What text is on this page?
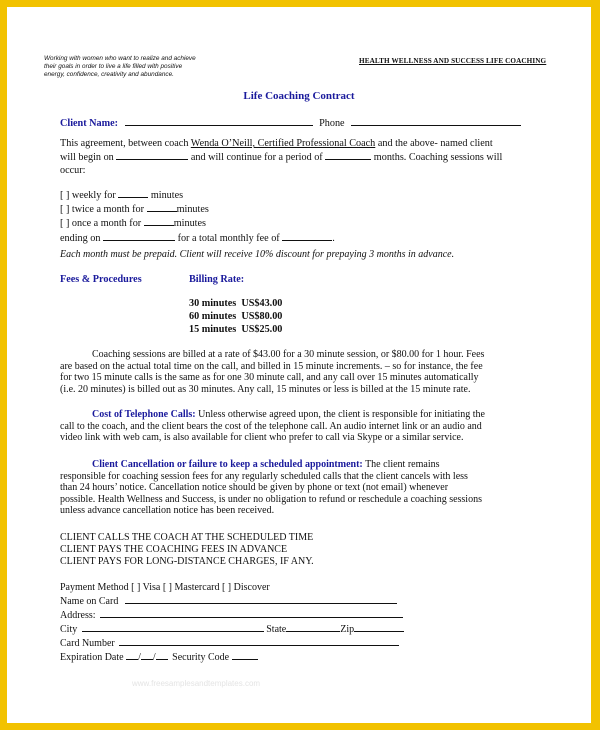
Working with women who want to realize and achieve
their goals in order to live a life filled with positive
energy, confidence, creativity and abundance.
HEALTH WELLNESS AND SUCCESS LIFE COACHING
Life Coaching Contract
Client Name:	Phone
This agreement, between coach Wenda O’Neill, Certified Professional Coach and the above- named client
will begin on	and will continue for a period of	months. Coaching sessions will
occur:
[ ] weekly for	minutes
[ ] twice a month for	minutes
[ ] once a month for	minutes
ending on	for a total monthly fee of	.
Each month must be prepaid. Client will receive 10% discount for prepaying 3 months in advance.
Fees & Procedures	Billing Rate:
30 minutes US$43.00
60 minutes US$80.00
15 minutes US$25.00
Coaching sessions are billed at a rate of $43.00 for a 30 minute session, or $80.00 for 1 hour. Fees
are based on the actual total time on the call, and billed in 15 minute increments. – so for instance, the fee
for two 15 minute calls is the same as for one 30 minute call, and any call over 15 minutes automatically
(i.e. 20 minutes) is billed out as 30 minutes. Any call, 15 minutes or less is billed at the 15 minute rate.
Cost of Telephone Calls: Unless otherwise agreed upon, the client is responsible for initiating the
call to the coach, and the client bears the cost of the telephone call. An audio internet link or an audio and
video link with web cam, is also available for client who prefer to call via Skype or a similar service.
Client Cancellation or failure to keep a scheduled appointment: The client remains
responsible for coaching session fees for any regularly scheduled calls that the client cancels with less
than 24 hours’ notice. Cancellation notice should be given by phone or text (not email) whenever
possible. Health Wellness and Success, is under no obligation to refund or reschedule a coaching sessions
unless advance cancellation notice has been received.
CLIENT CALLS THE COACH AT THE SCHEDULED TIME
CLIENT PAYS THE COACHING FEES IN ADVANCE
CLIENT PAYS FOR LONG-DISTANCE CHARGES, IF ANY.
Payment Method [ ] Visa [ ] Mastercard [ ] Discover
Name on Card
Address:
City	State	Zip
Card Number
Expiration Date / / Security Code
www.freesamplesandtemplates.com
